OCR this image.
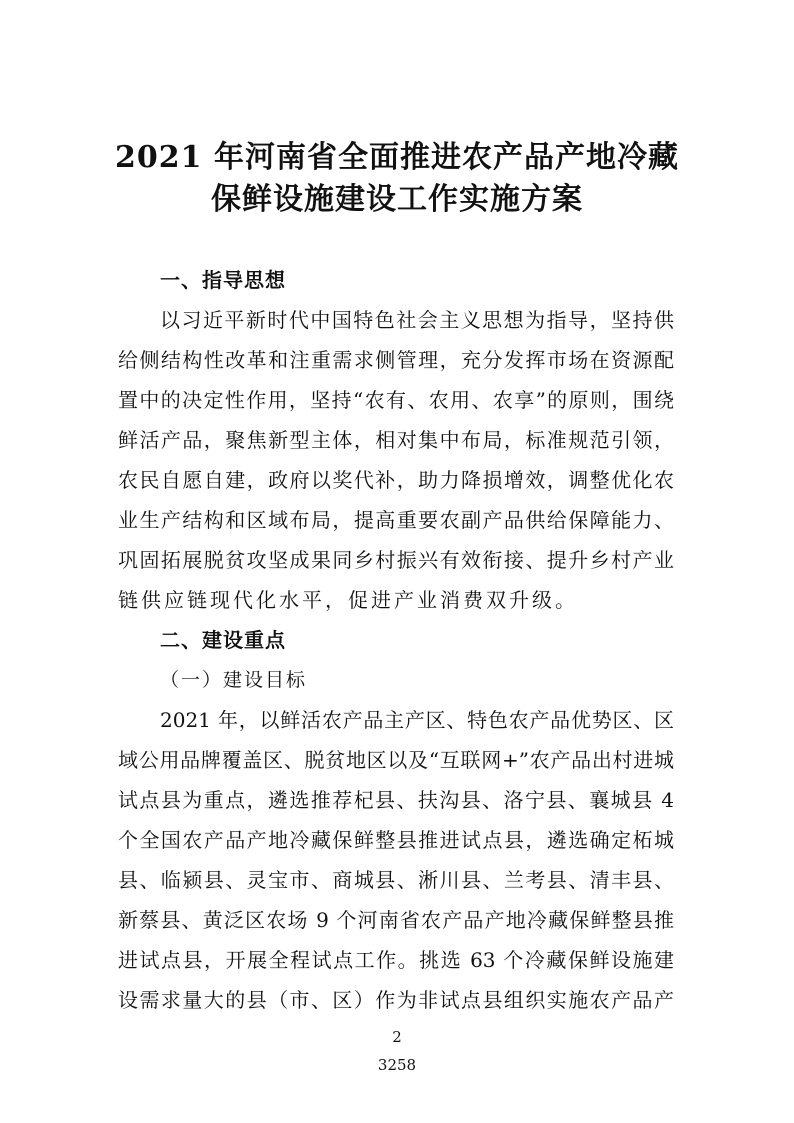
2021 年河南省全面推进农产品产地冷藏
保鲜设施建设工作实施方案
一、指导思想
以习近平新时代中国特色社会主义思想为指导，坚持供
给侧结构性改革和注重需求侧管理，充分发挥市场在资源配
置中的决定性作用，坚持“农有、农用、农享”的原则，围绕
鲜活产品，聚焦新型主体，相对集中布局，标准规范引领，
农民自愿自建，政府以奖代补，助力降损增效，调整优化农
业生产结构和区域布局，提高重要农副产品供给保障能力、
巩固拓展脱贫攻坚成果同乡村振兴有效衔接、提升乡村产业
链供应链现代化水平，促进产业消费双升级。
二、建设重点
（一）建设目标
2021 年，以鲜活农产品主产区、特色农产品优势区、区
域公用品牌覆盖区、脱贫地区以及“互联网+”农产品出村进城
试点县为重点，遴选推荐杞县、扶沟县、洛宁县、襄城县 4
个全国农产品产地冷藏保鲜整县推进试点县，遴选确定柘城
县、临颍县、灵宝市、商城县、淅川县、兰考县、清丰县、
新蔡县、黄泛区农场 9 个河南省农产品产地冷藏保鲜整县推
进试点县，开展全程试点工作。挑选 63 个冷藏保鲜设施建
设需求量大的县（市、区）作为非试点县组织实施农产品产
2
3258
